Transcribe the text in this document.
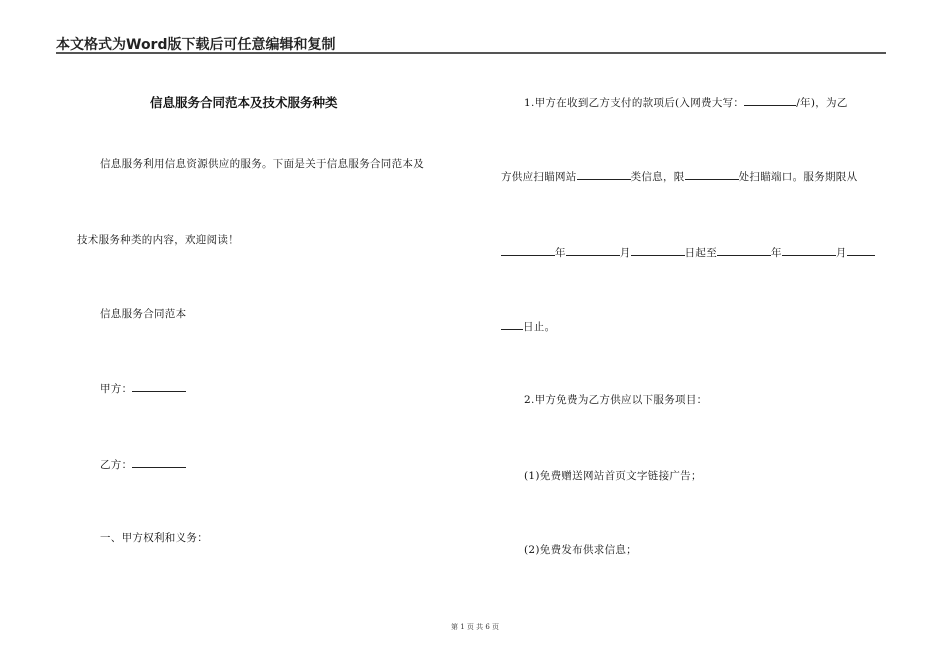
本文格式为Word版下载后可任意编辑和复制
信息服务合同范本及技术服务种类
信息服务利用信息资源供应的服务。下面是关于信息服务合同范本及
技术服务种类的内容，欢迎阅读！
信息服务合同范本
甲方：
乙方：
一、甲方权利和义务：
1.甲方在收到乙方支付的款项后(入网费大写：	/年)，为乙
方供应扫瞄网站	类信息，限	处扫瞄端口。服务期限从
年	月	日起至	年	月
日止。
2.甲方免费为乙方供应以下服务项目：
(1)免费赠送网站首页文字链接广告；
(2)免费发布供求信息；
第 1 页 共 6 页
